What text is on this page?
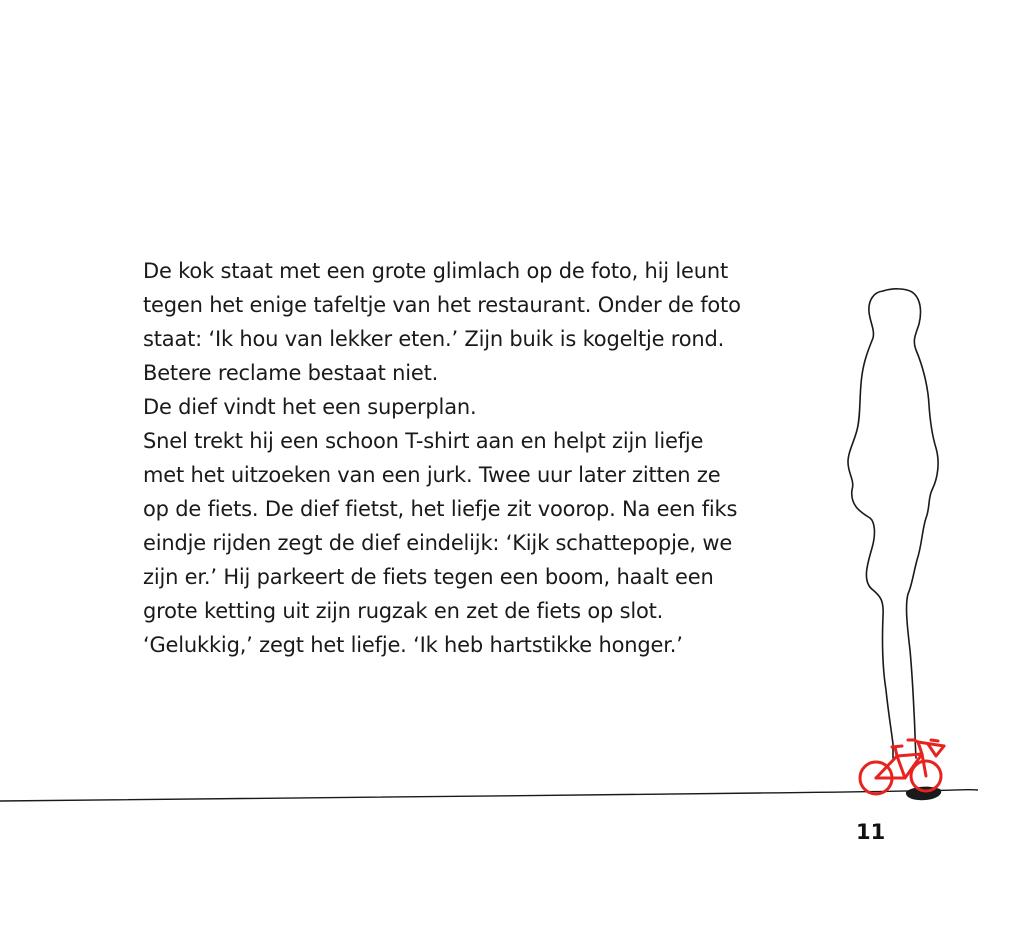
De kok staat met een grote glimlach op de foto, hij leunt
tegen het enige tafeltje van het restaurant. Onder de foto
staat: ‘Ik hou van lekker eten.’ Zijn buik is kogeltje rond.
Betere reclame bestaat niet.
De dief vindt het een superplan.
Snel trekt hij een schoon T-shirt aan en helpt zijn liefje
met het uitzoeken van een jurk. Twee uur later zitten ze
op de fiets. De dief fietst, het liefje zit voorop. Na een fiks
eindje rijden zegt de dief eindelijk: ‘Kijk schattepopje, we
zijn er.’ Hij parkeert de fiets tegen een boom, haalt een
grote ketting uit zijn rugzak en zet de fiets op slot.
‘Gelukkig,’ zegt het liefje. ‘Ik heb hartstikke honger.’
11
